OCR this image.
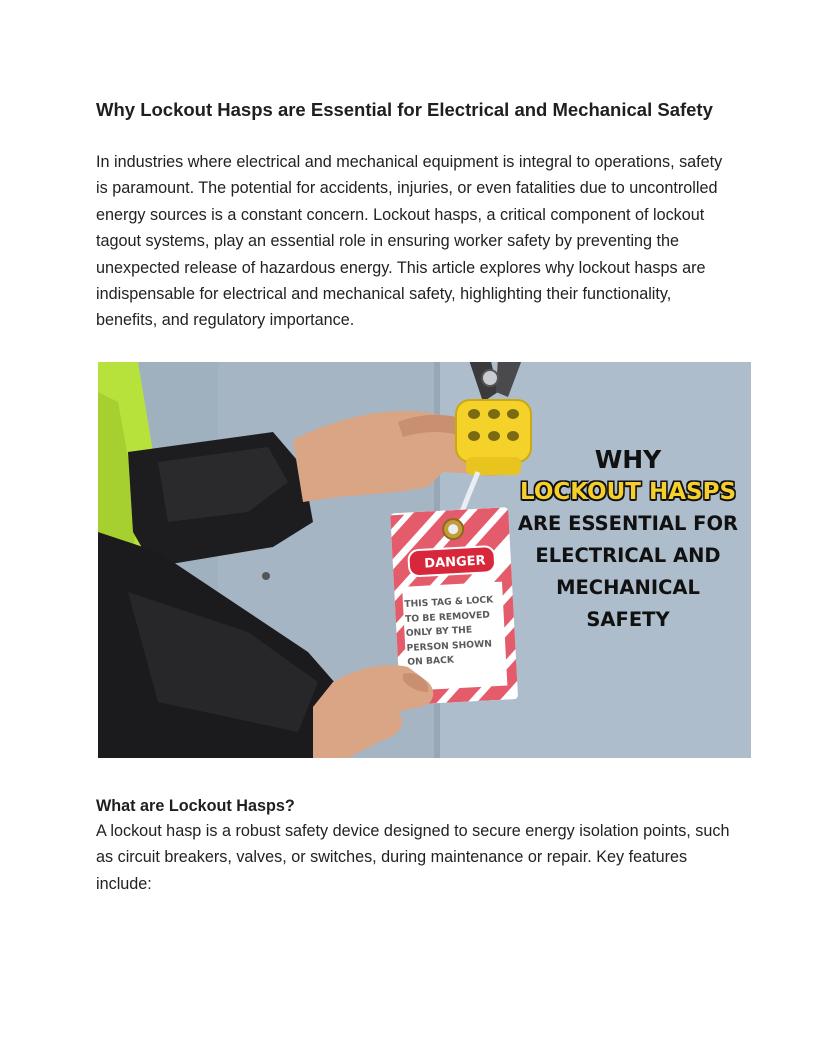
Why Lockout Hasps are Essential for Electrical and Mechanical Safety

In industries where electrical and mechanical equipment is integral to operations, safety is paramount. The potential for accidents, injuries, or even fatalities due to uncontrolled energy sources is a constant concern. Lockout hasps, a critical component of lockout tagout systems, play an essential role in ensuring worker safety by preventing the unexpected release of hazardous energy. This article explores why lockout hasps are indispensable for electrical and mechanical safety, highlighting their functionality, benefits, and regulatory importance.

DANGER
THIS TAG & LOCK
TO BE REMOVED
ONLY BY THE
PERSON SHOWN
ON BACK
WHY
LOCKOUT HASPS
ARE ESSENTIAL FOR
ELECTRICAL AND
MECHANICAL
SAFETY
What are Lockout Hasps?

A lockout hasp is a robust safety device designed to secure energy isolation points, such as circuit breakers, valves, or switches, during maintenance or repair. Key features include:
